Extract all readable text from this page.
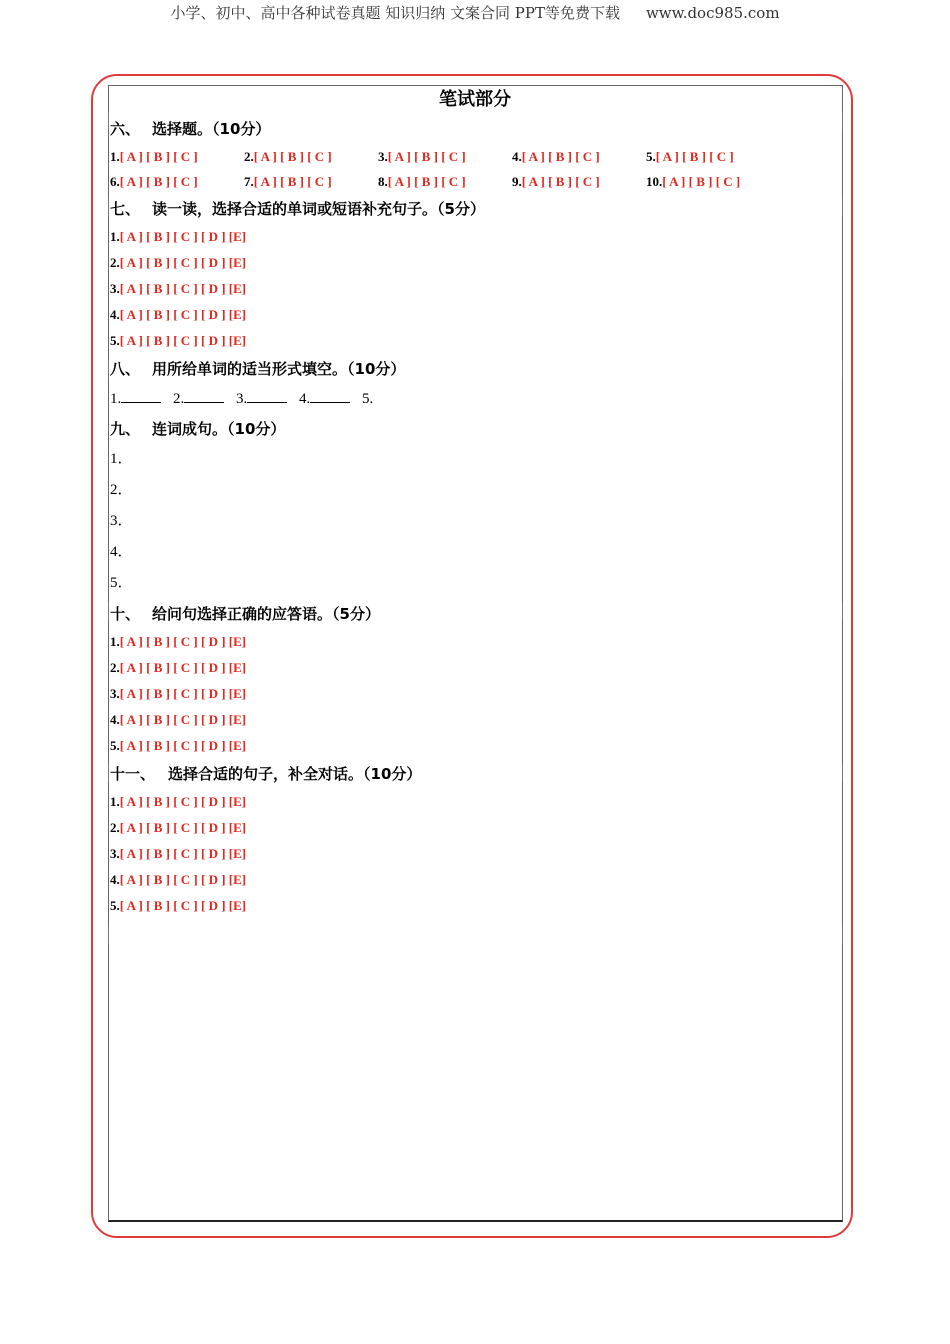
小学、初中、高中各种试卷真题 知识归纳 文案合同 PPT等免费下载 www.doc985.com
笔试部分
六、 选择题。（10分）
1.[ A ] [ B ] [ C ]	2.[ A ] [ B ] [ C ]	3.[ A ] [ B ] [ C ]	4.[ A ] [ B ] [ C ]	5.[ A ] [ B ] [ C ]
6.[ A ] [ B ] [ C ]	7.[ A ] [ B ] [ C ]	8.[ A ] [ B ] [ C ]	9.[ A ] [ B ] [ C ]	10.[ A ] [ B ] [ C ]
七、 读一读，选择合适的单词或短语补充句子。（5分）
1.[ A ] [ B ] [ C ] [ D ] [E]
2.[ A ] [ B ] [ C ] [ D ] [E]
3.[ A ] [ B ] [ C ] [ D ] [E]
4.[ A ] [ B ] [ C ] [ D ] [E]
5.[ A ] [ B ] [ C ] [ D ] [E]
八、 用所给单词的适当形式填空。（10分）
1.	2.	3.	4.	5.
九、 连词成句。（10分）
1．
2．
3．
4．
5．
十、 给问句选择正确的应答语。（5分）
1.[ A ] [ B ] [ C ] [ D ] [E]
2.[ A ] [ B ] [ C ] [ D ] [E]
3.[ A ] [ B ] [ C ] [ D ] [E]
4.[ A ] [ B ] [ C ] [ D ] [E]
5.[ A ] [ B ] [ C ] [ D ] [E]
十一、 选择合适的句子，补全对话。（10分）
1.[ A ] [ B ] [ C ] [ D ] [E]
2.[ A ] [ B ] [ C ] [ D ] [E]
3.[ A ] [ B ] [ C ] [ D ] [E]
4.[ A ] [ B ] [ C ] [ D ] [E]
5.[ A ] [ B ] [ C ] [ D ] [E]
